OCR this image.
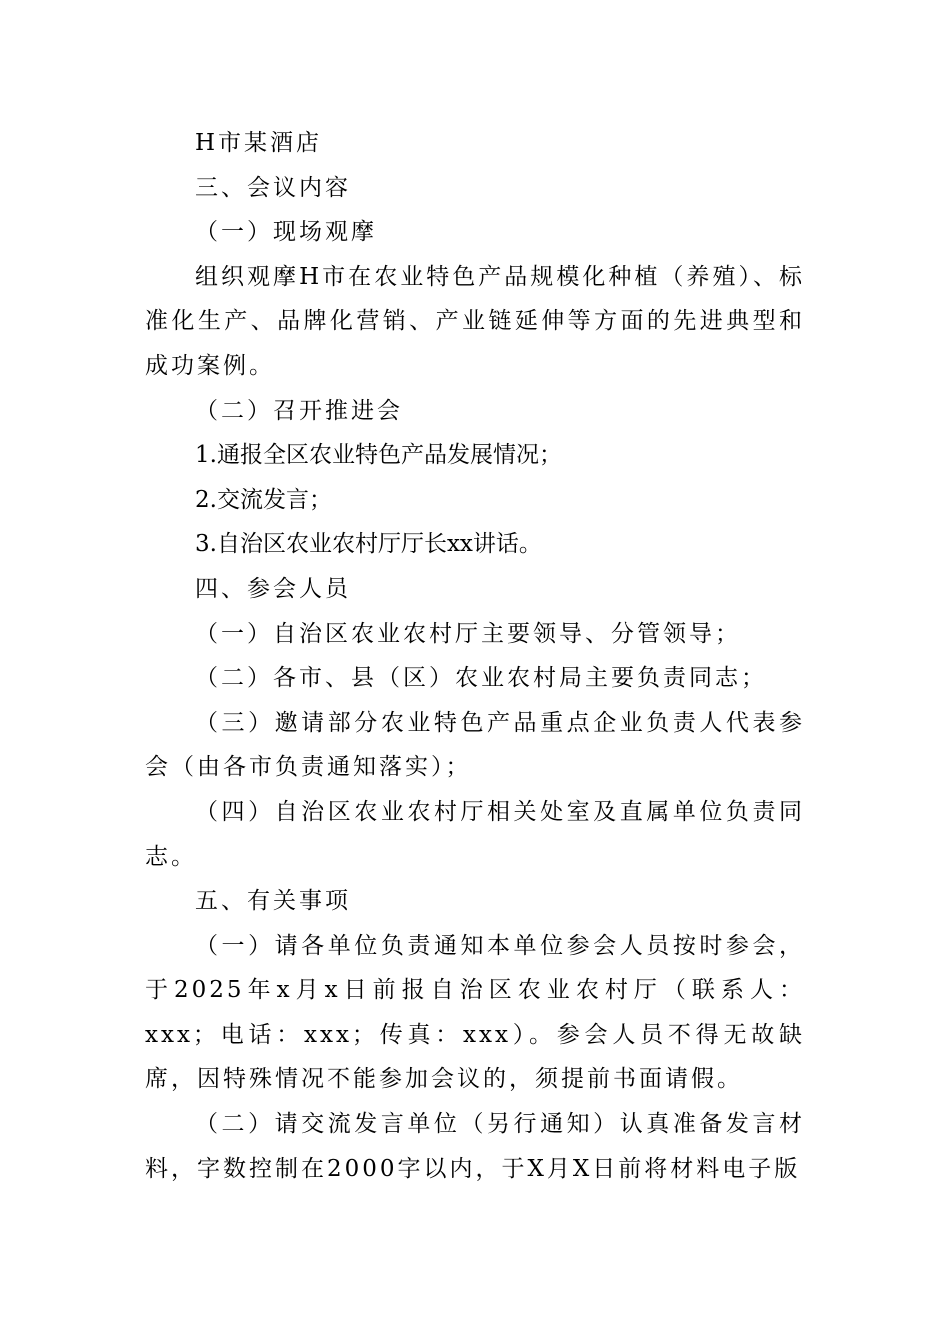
H市某酒店

三、会议内容

（一）现场观摩

组织观摩H市在农业特色产品规模化种植（养殖）、标准化生产、品牌化营销、产业链延伸等方面的先进典型和成功案例。

（二）召开推进会

1.通报全区农业特色产品发展情况；

2.交流发言；

3.自治区农业农村厅厅长xx讲话。

四、参会人员

（一）自治区农业农村厅主要领导、分管领导；

（二）各市、县（区）农业农村局主要负责同志；

（三）邀请部分农业特色产品重点企业负责人代表参会（由各市负责通知落实）；

（四）自治区农业农村厅相关处室及直属单位负责同志。

五、有关事项

（一）请各单位负责通知本单位参会人员按时参会，于2025年x月x日前报自治区农业农村厅（联系人：xxx；电话：xxx；传真：xxx）。参会人员不得无故缺席，因特殊情况不能参加会议的，须提前书面请假。

（二）请交流发言单位（另行通知）认真准备发言材料，字数控制在2000字以内，于X月X日前将材料电子版
